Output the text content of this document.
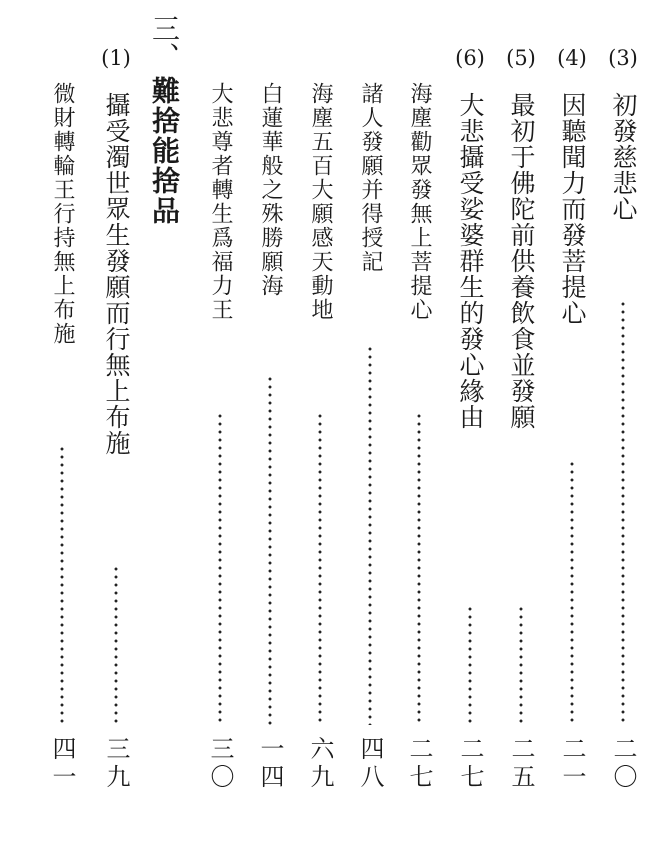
(3)
初發慈悲心
二〇
(4)
因聽聞力而發菩提心
二一
(5)
最初于佛陀前供養飲食並發願
二五
(6)
大悲攝受娑婆群生的發心緣由
二七
海塵勸眾發無上菩提心
二七
諸人發願并得授記
四八
海塵五百大願感天動地
六九
白蓮華般之殊勝願海
一四
大悲尊者轉生爲福力王
三〇
三、
難捨能捨品
(1)
攝受濁世眾生發願而行無上布施
三九
微財轉輪王行持無上布施
四一
